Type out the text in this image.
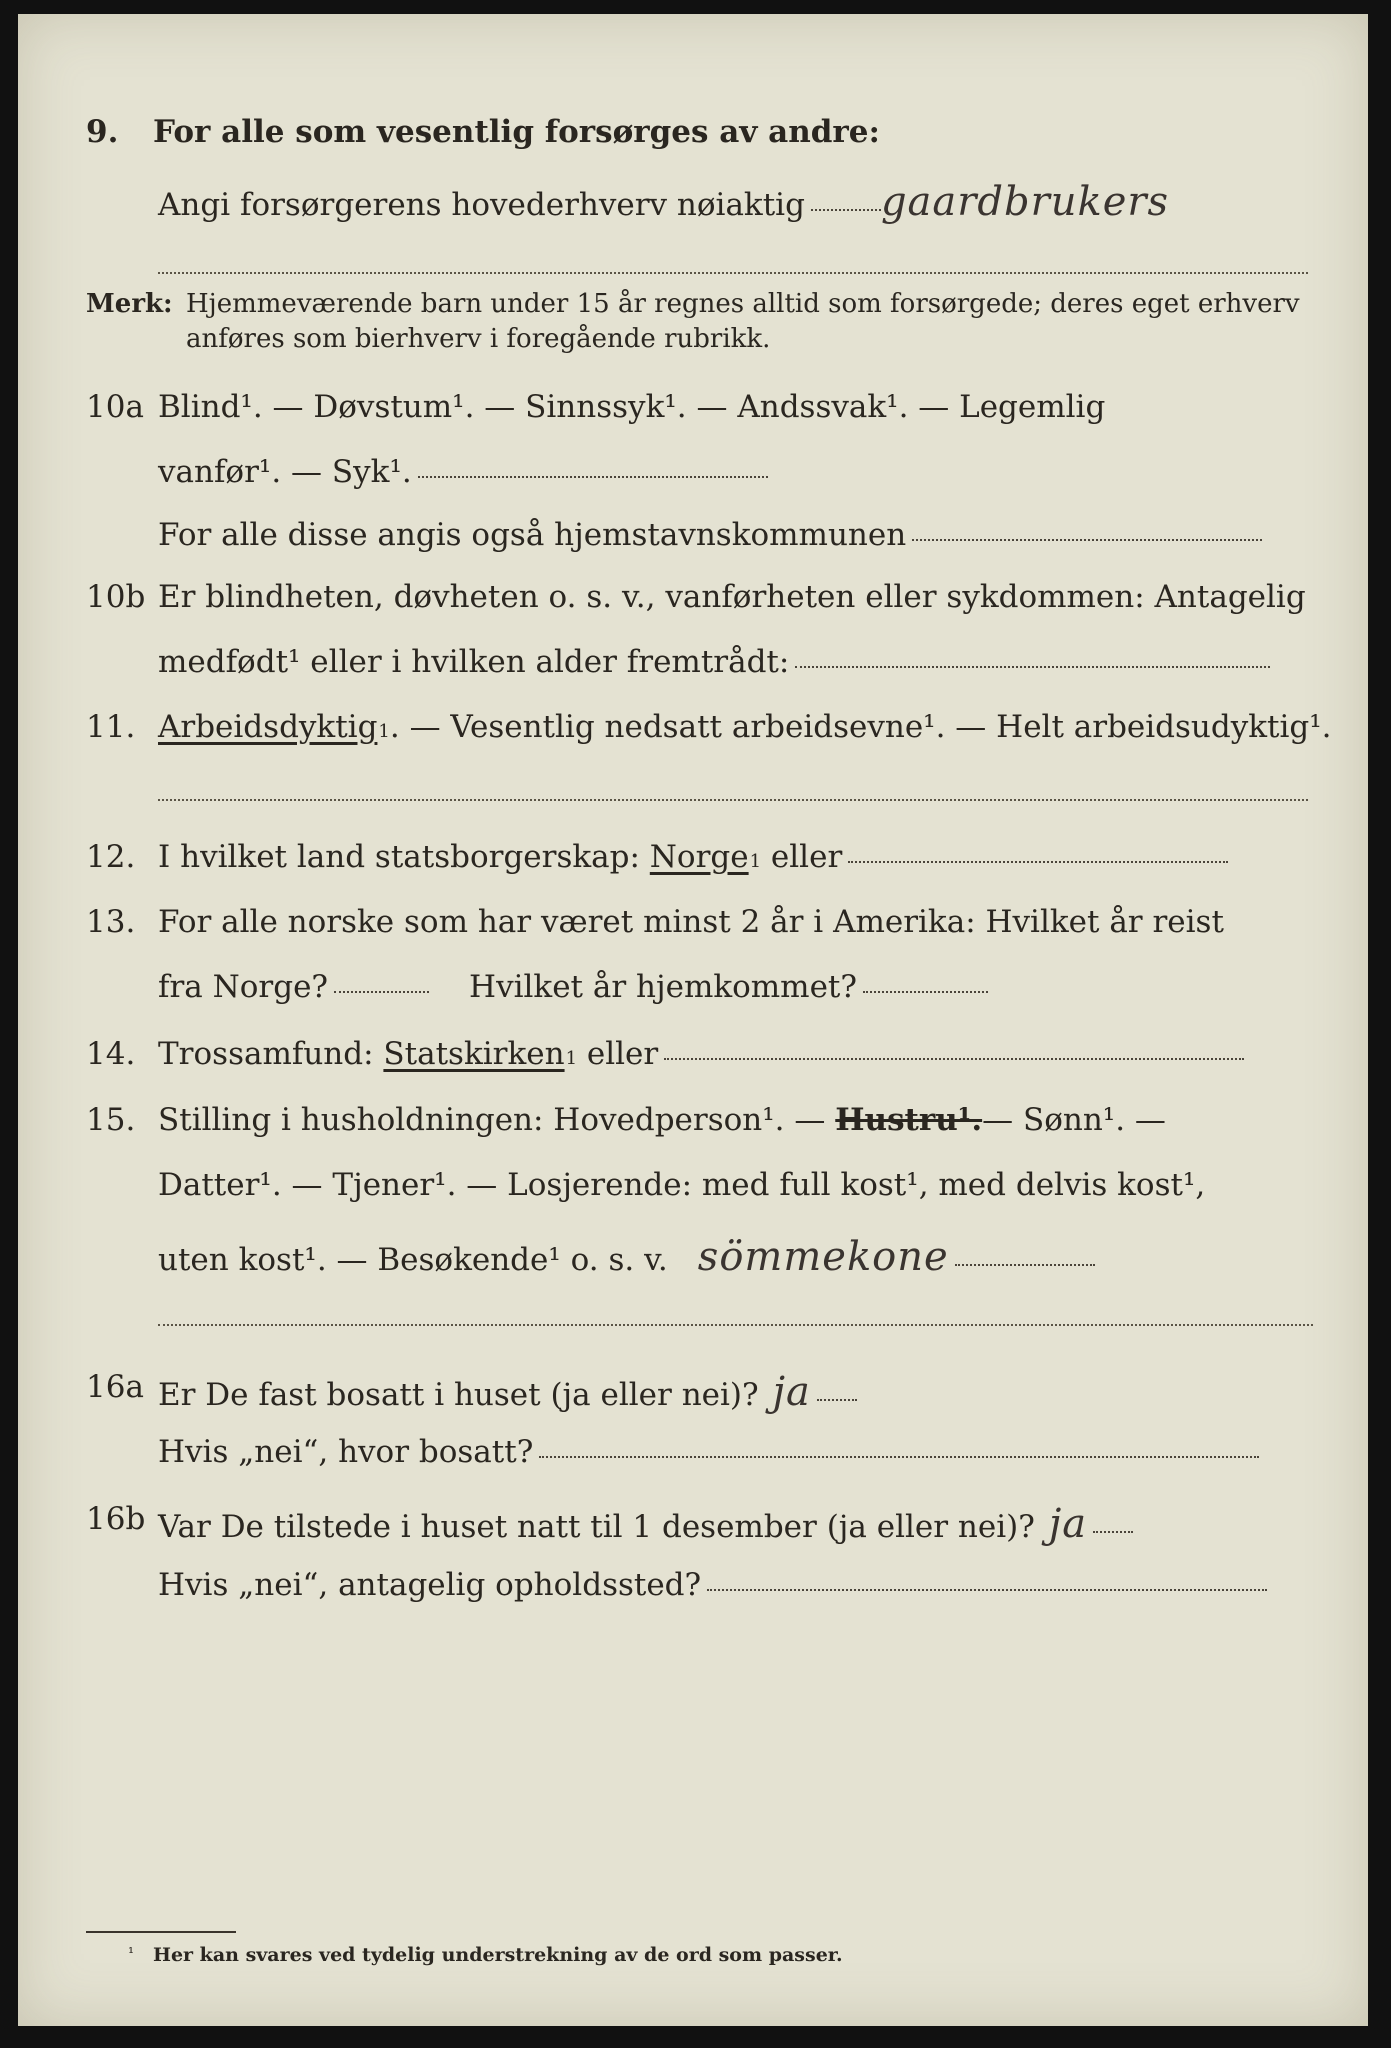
9. For alle som vesentlig forsørges av andre:
Angi forsørgerens hovederhverv nøiaktig gaardbrukers
Merk: Hjemmeværende barn under 15 år regnes alltid som forsørgede; deres eget erhverv
anføres som bierhverv i foregående rubrikk.
10a Blind¹. — Døvstum¹. — Sinnssyk¹. — Andssvak¹. — Legemlig
vanfør¹. — Syk¹.
For alle disse angis også hjemstavnskommunen
10b Er blindheten, døvheten o. s. v., vanførheten eller sykdommen: Antagelig
medfødt¹ eller i hvilken alder fremtrådt:
11. Arbeidsdyktig 1 . — Vesentlig nedsatt arbeidsevne¹. — Helt arbeidsudyktig¹.
12. I hvilket land statsborgerskap:
Norge 1
eller
13. For alle norske som har været minst 2 år i Amerika: Hvilket år reist
fra Norge?	Hvilket år hjemkommet?
14. Trossamfund:
Statskirken 1
eller
15. Stilling i husholdningen: Hovedperson¹. —
Hustru¹. — Sønn¹. —
Datter¹. — Tjener¹. — Losjerende: med full kost¹, med delvis kost¹,
uten kost¹. — Besøkende¹ o. s. v. sömmekone
16a Er De fast bosatt i huset (ja eller nei)? ja
Hvis „nei“, hvor bosatt?
16b Var De tilstede i huset natt til 1 desember (ja eller nei)? ja
Hvis „nei“, antagelig opholdssted?
¹ Her kan svares ved tydelig understrekning av de ord som passer.
